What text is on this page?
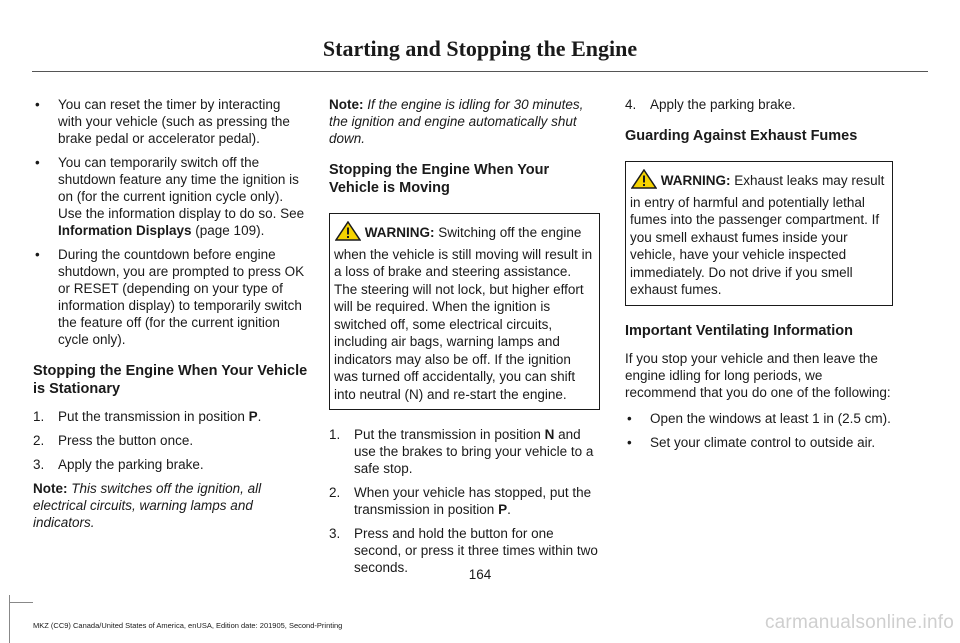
Starting and Stopping the Engine
• You can reset the timer by interacting with your vehicle (such as pressing the brake pedal or accelerator pedal).
• You can temporarily switch off the shutdown feature any time the ignition is on (for the current ignition cycle only). Use the information display to do so. See Information Displays (page 109).
• During the countdown before engine shutdown, you are prompted to press OK or RESET (depending on your type of information display) to temporarily switch the feature off (for the current ignition cycle only).
Stopping the Engine When Your Vehicle is Stationary
1. Put the transmission in position P.
2. Press the button once.
3. Apply the parking brake.

Note: This switches off the ignition, all electrical circuits, warning lamps and indicators.

Note: If the engine is idling for 30 minutes, the ignition and engine automatically shut down.

Stopping the Engine When Your Vehicle is Moving
WARNING: Switching off the engine when the vehicle is still moving will result in a loss of brake and steering assistance. The steering will not lock, but higher effort will be required. When the ignition is switched off, some electrical circuits, including air bags, warning lamps and indicators may also be off. If the ignition was turned off accidentally, you can shift into neutral (N) and re-start the engine.
1. Put the transmission in position N and use the brakes to bring your vehicle to a safe stop.
2. When your vehicle has stopped, put the transmission in position P.
3. Press and hold the button for one second, or press it three times within two seconds.
4. Apply the parking brake.
Guarding Against Exhaust Fumes
WARNING: Exhaust leaks may result in entry of harmful and potentially lethal fumes into the passenger compartment. If you smell exhaust fumes inside your vehicle, have your vehicle inspected immediately. Do not drive if you smell exhaust fumes.
Important Ventilating Information

If you stop your vehicle and then leave the engine idling for long periods, we recommend that you do one of the following:

• Open the windows at least 1 in (2.5 cm).
• Set your climate control to outside air.
164
MKZ (CC9) Canada/United States of America, enUSA, Edition date: 201905, Second-Printing	carmanualsonline.info
